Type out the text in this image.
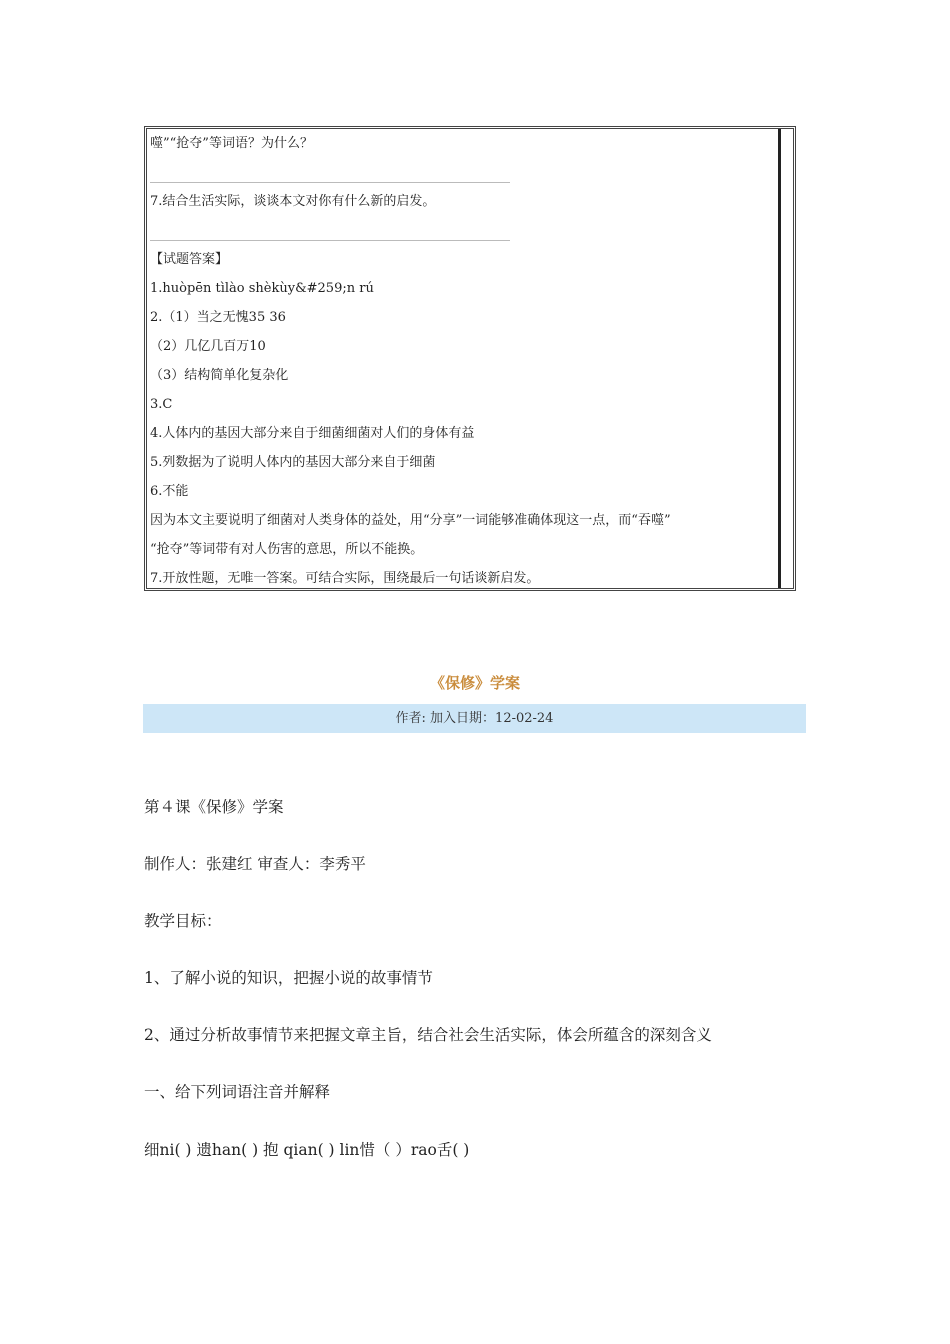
噬”“抢夺”等词语？为什么？
7.结合生活实际，谈谈本文对你有什么新的启发。
【试题答案】
1.huòpēn tìlào shèkùy&#259;n rú
2.（1）当之无愧35 36
（2）几亿几百万10
（3）结构简单化复杂化
3.C
4.人体内的基因大部分来自于细菌细菌对人们的身体有益
5.列数据为了说明人体内的基因大部分来自于细菌
6.不能
因为本文主要说明了细菌对人类身体的益处，用“分享”一词能够准确体现这一点，而“吞噬”
“抢夺”等词带有对人伤害的意思，所以不能换。
7.开放性题，无唯一答案。可结合实际，围绕最后一句话谈新启发。
《保修》学案
作者: 加入日期：12-02-24
第４课《保修》学案
制作人：张建红 审查人：李秀平
教学目标：
1、了解小说的知识，把握小说的故事情节
2、通过分析故事情节来把握文章主旨，结合社会生活实际，体会所蕴含的深刻含义
一、给下列词语注音并解释
细ni( ) 遗han( ) 抱 qian( ) lin惜（ ）rao舌( )
